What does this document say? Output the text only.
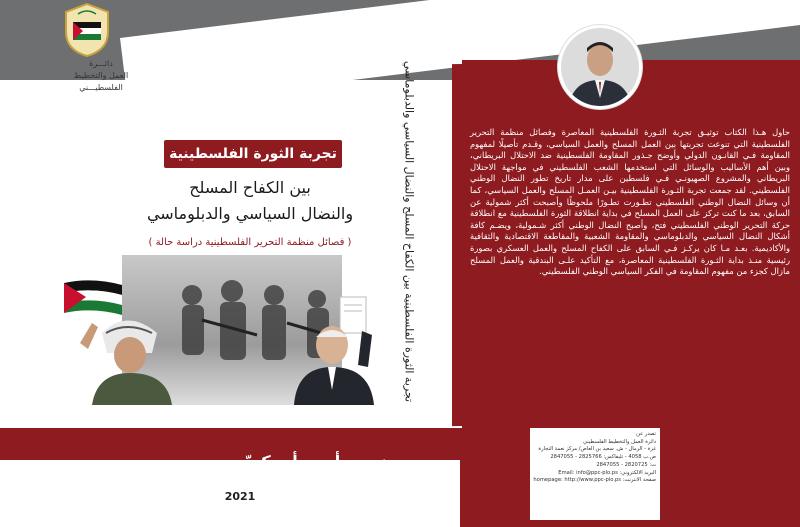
دائـــرة
العمل والتخطيط
الفلسطيـــني
تجربة الثورة الفلسطينية
بين الكفاح المسلح
والنضال السياسي والدبلوماسي
( فصائل منظمة التحرير الفلسطينية دراسة حالة )	تجربة الثورة الفلسطينية بين الكفاح المسلح والنضال السياسي والدبلوماسي	حاول هـذا الكتاب توثيـق تجربة الثـورة الفلسطينية المعاصرة وفصائل منظمة التحرير الفلسطينية التي تنوعت تجربتها بين العمل المسلح والعمل السياسي، وقـدم تأصيلًا لمفهوم المقاومة فـي القانـون الدولي وأوضح جـذور المقاومة الفلسطينية ضد الاحتلال البريطاني، وبين أهم الأساليب والوسائل التي استخدمها الشعب الفلسطيني في مواجهة الاحتلال البريطاني والمشروع الصهيونـي فـي فلسطين على مدار تاريخ تطور النضال الوطني الفلسطيني. لقد جمعت تجربة الثـورة الفلسطينية بيـن العمـل المسلح والعمل السياسي، كما أن وسائل النضال الوطني الفلسطيني تطـورت تطـورًا ملحوظًا وأصبحت أكثر شمولية عن السابق، بعد ما كنت تركز على العمل المسلح في بداية انطلاقة الثورة الفلسطينية مع انطلاقة حركة التحرير الوطني الفلسطيني فتح، وأصبح النضال الوطني أكثر شـمولية، ويضـم كافة أشكال النضال السياسي والدبلوماسي والمقاومة الشعبية والمقاطعة الاقتصادية والثقافية والأكاديمية. بعـد مـا كان يركـز فـي السابق على الكفاح المسلح والعمل العسكري بصورة رئيسية منـذ بداية الثـورة الفلسطينية المعاصرة، مع التأكيد علـى البندقية والعمل المسلح مازال كجزء من مفهوم المقاومة في الفكر السياسي الوطني الفلسطيني.
د. منصور أحمد أبو كريّم
2021
تصدر عن
دائرة العمل والتخطيط الفلسطيني
غزة - الرمال - ش. سعيد بن العاص/ مركز نعمة التجارة
ص.ب 4058 - تليفاكس: 2825766 - 2847055
ت: 2820725 - 2847055
البريد الالكتروني: Email: info@ppc-plo.ps
صفحة الانترنت: homepage: http://www.ppc-plo.ps
